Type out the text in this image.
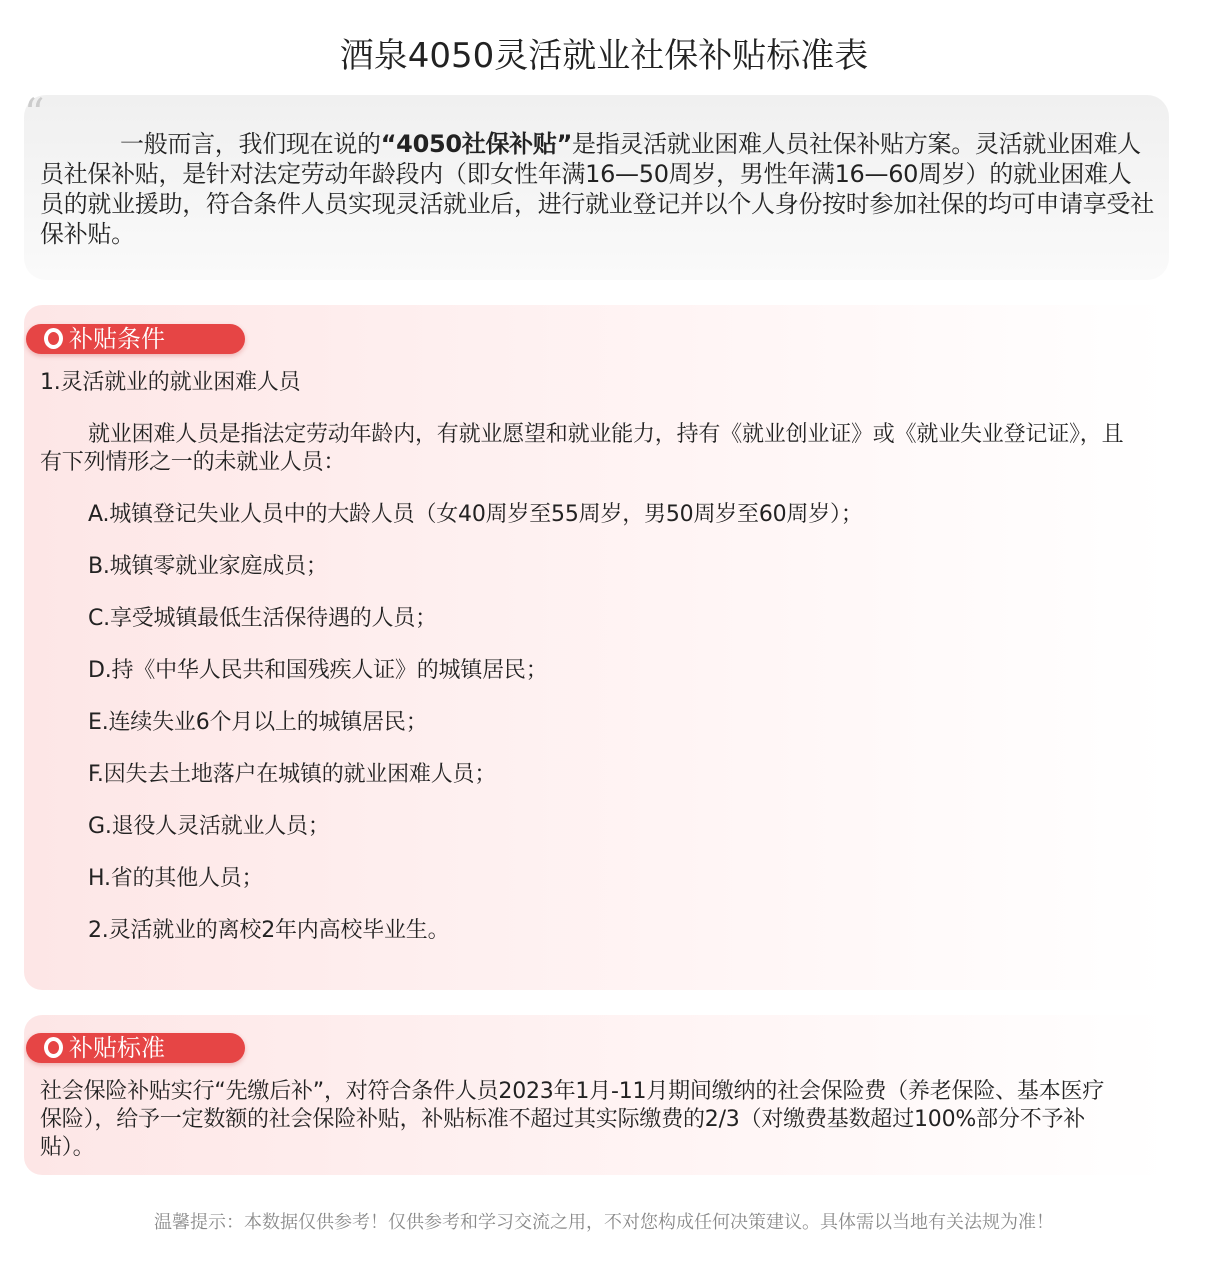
酒泉4050灵活就业社保补贴标准表
“

一般而言，我们现在说的“4050社保补贴”是指灵活就业困难人员社保补贴方案。灵活就业困难人员社保补贴，是针对法定劳动年龄段内（即女性年满16—50周岁，男性年满16—60周岁）的就业困难人员的就业援助，符合条件人员实现灵活就业后，进行就业登记并以个人身份按时参加社保的均可申请享受社保补贴。

补贴条件
1.灵活就业的就业困难人员
就业困难人员是指法定劳动年龄内，有就业愿望和就业能力，持有《就业创业证》或《就业失业登记证》，且有下列情形之一的未就业人员：
A.城镇登记失业人员中的大龄人员（女40周岁至55周岁，男50周岁至60周岁）；
B.城镇零就业家庭成员；
C.享受城镇最低生活保待遇的人员；
D.持《中华人民共和国残疾人证》的城镇居民；
E.连续失业6个月以上的城镇居民；
F.因失去土地落户在城镇的就业困难人员；
G.退役人灵活就业人员；
H.省的其他人员；
2.灵活就业的离校2年内高校毕业生。
补贴标准
社会保险补贴实行“先缴后补”，对符合条件人员2023年1月-11月期间缴纳的社会保险费（养老保险、基本医疗保险），给予一定数额的社会保险补贴，补贴标准不超过其实际缴费的2/3（对缴费基数超过100%部分不予补贴）。
温馨提示：本数据仅供参考！仅供参考和学习交流之用，不对您构成任何决策建议。具体需以当地有关法规为准！
